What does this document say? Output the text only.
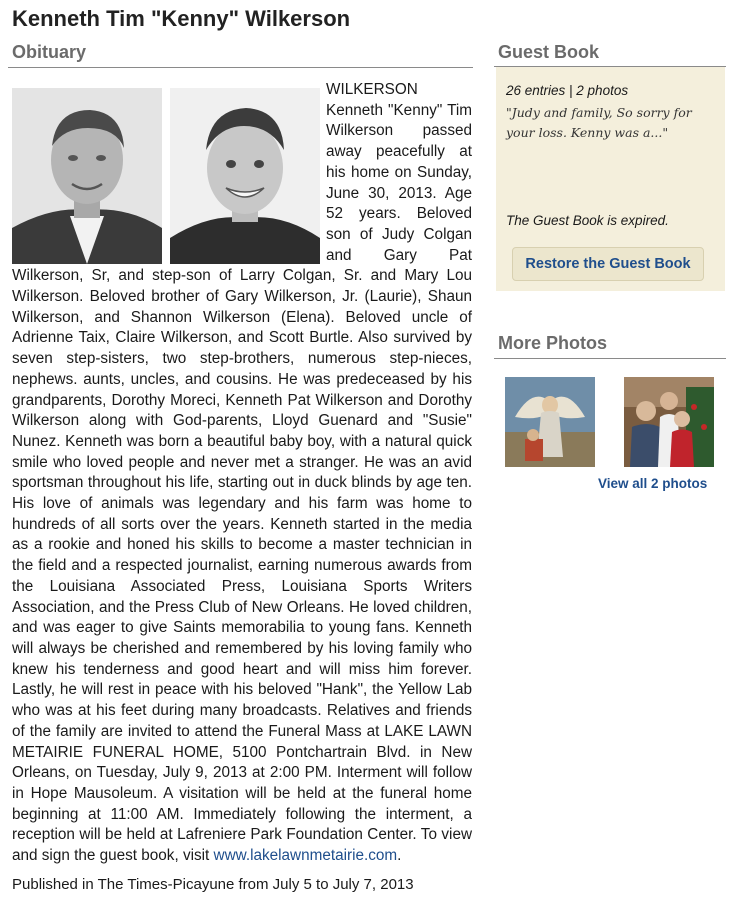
Kenneth Tim "Kenny" Wilkerson
Obituary
WILKERSON Kenneth "Kenny" Tim Wilkerson passed away peacefully at his home on Sunday, June 30, 2013. Age 52 years. Beloved son of Judy Colgan and Gary Pat Wilkerson, Sr, and step-son of Larry Colgan, Sr. and Mary Lou Wilkerson. Beloved brother of Gary Wilkerson, Jr. (Laurie), Shaun Wilkerson, and Shannon Wilkerson (Elena). Beloved uncle of Adrienne Taix, Claire Wilkerson, and Scott Burtle. Also survived by seven step-sisters, two step-brothers, numerous step-nieces, nephews. aunts, uncles, and cousins. He was predeceased by his grandparents, Dorothy Moreci, Kenneth Pat Wilkerson and Dorothy Wilkerson along with God-parents, Lloyd Guenard and "Susie" Nunez. Kenneth was born a beautiful baby boy, with a natural quick smile who loved people and never met a stranger. He was an avid sportsman throughout his life, starting out in duck blinds by age ten. His love of animals was legendary and his farm was home to hundreds of all sorts over the years. Kenneth started in the media as a rookie and honed his skills to become a master technician in the field and a respected journalist, earning numerous awards from the Louisiana Associated Press, Louisiana Sports Writers Association, and the Press Club of New Orleans. He loved children, and was eager to give Saints memorabilia to young fans. Kenneth will always be cherished and remembered by his loving family who knew his tenderness and good heart and will miss him forever. Lastly, he will rest in peace with his beloved "Hank", the Yellow Lab who was at his feet during many broadcasts. Relatives and friends of the family are invited to attend the Funeral Mass at LAKE LAWN METAIRIE FUNERAL HOME, 5100 Pontchartrain Blvd. in New Orleans, on Tuesday, July 9, 2013 at 2:00 PM. Interment will follow in Hope Mausoleum. A visitation will be held at the funeral home beginning at 11:00 AM. Immediately following the interment, a reception will be held at Lafreniere Park Foundation Center. To view and sign the guest book, visit www.lakelawnmetairie.com.
Published in The Times-Picayune from July 5 to July 7, 2013
Guest Book
26 entries | 2 photos
"Judy and family, So sorry for your loss. Kenny was a..."
The Guest Book is expired.
Restore the Guest Book
More Photos
View all 2 photos
